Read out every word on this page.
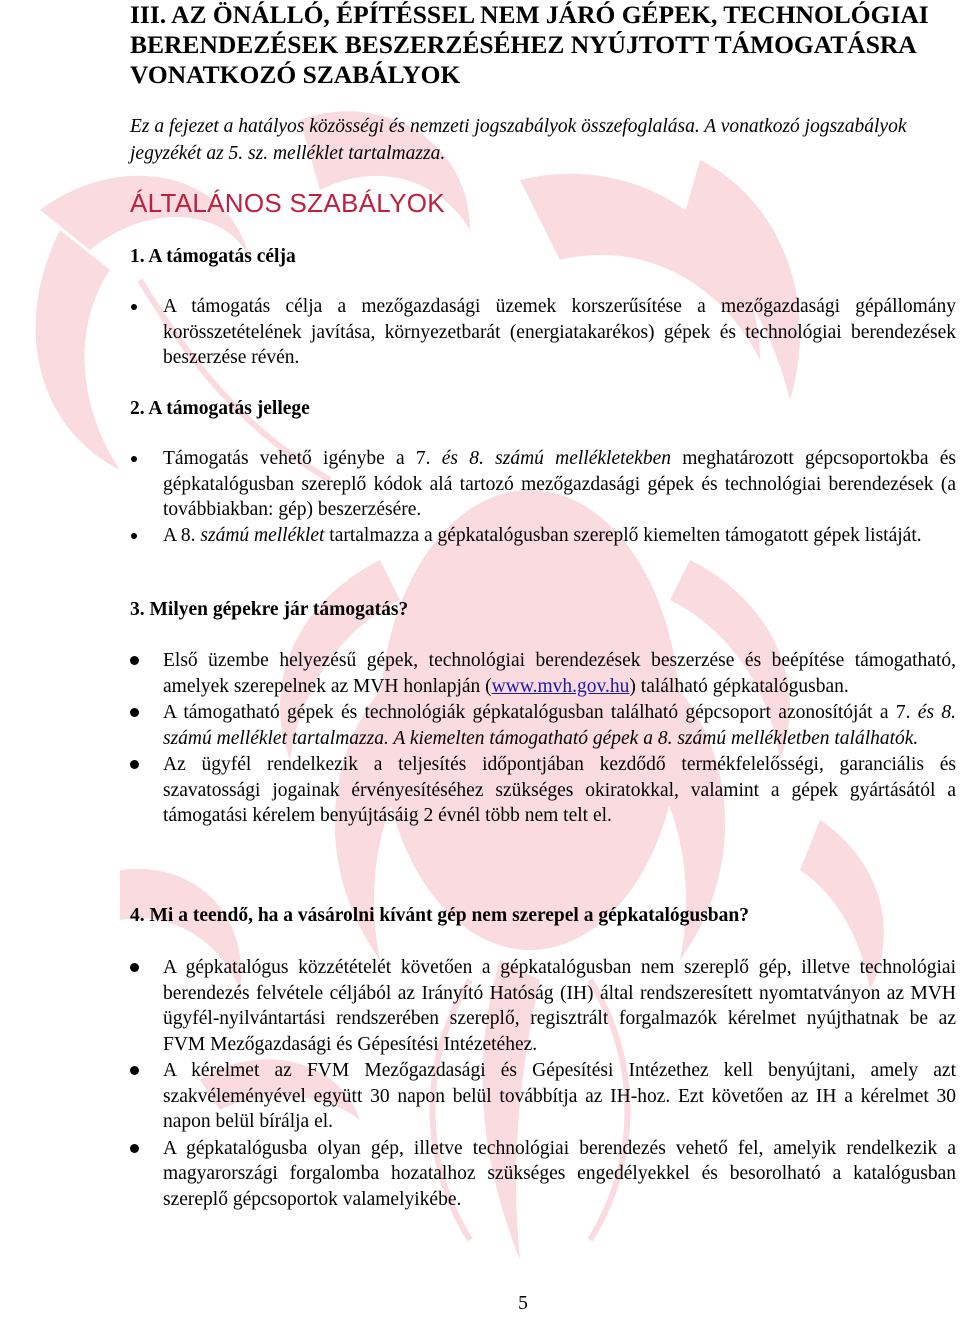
III. AZ ÖNÁLLÓ, ÉPÍTÉSSEL NEM JÁRÓ GÉPEK, TECHNOLÓGIAI BERENDEZÉSEK BESZERZÉSÉHEZ NYÚJTOTT TÁMOGATÁSRA VONATKOZÓ SZABÁLYOK

Ez a fejezet a hatályos közösségi és nemzeti jogszabályok összefoglalása. A vonatkozó jogszabályok jegyzékét az 5. sz. melléklet tartalmazza.

ÁLTALÁNOS SZABÁLYOK
1. A támogatás célja
A támogatás célja a mezőgazdasági üzemek korszerűsítése a mezőgazdasági gépállomány korösszetételének javítása, környezetbarát (energiatakarékos) gépek és technológiai berendezések beszerzése révén.
2. A támogatás jellege
Támogatás vehető igénybe a 7. és 8. számú mellékletekben meghatározott gépcsoportokba és gépkatalógusban szereplő kódok alá tartozó mezőgazdasági gépek és technológiai berendezések (a továbbiakban: gép) beszerzésére.
A 8. számú melléklet tartalmazza a gépkatalógusban szereplő kiemelten támogatott gépek listáját.
3. Milyen gépekre jár támogatás?
Első üzembe helyezésű gépek, technológiai berendezések beszerzése és beépítése támogatható, amelyek szerepelnek az MVH honlapján (www.mvh.gov.hu) található gépkatalógusban.
A támogatható gépek és technológiák gépkatalógusban található gépcsoport azonosítóját a 7. és 8. számú melléklet tartalmazza. A kiemelten támogatható gépek a 8. számú mellékletben találhatók.
Az ügyfél rendelkezik a teljesítés időpontjában kezdődő termékfelelősségi, garanciális és szavatossági jogainak érvényesítéséhez szükséges okiratokkal, valamint a gépek gyártásától a támogatási kérelem benyújtásáig 2 évnél több nem telt el.
4. Mi a teendő, ha a vásárolni kívánt gép nem szerepel a gépkatalógusban?
A gépkatalógus közzétételét követően a gépkatalógusban nem szereplő gép, illetve technológiai berendezés felvétele céljából az Irányító Hatóság (IH) által rendszeresített nyomtatványon az MVH ügyfél-nyilvántartási rendszerében szereplő, regisztrált forgalmazók kérelmet nyújthatnak be az FVM Mezőgazdasági és Gépesítési Intézetéhez.
A kérelmet az FVM Mezőgazdasági és Gépesítési Intézethez kell benyújtani, amely azt szakvéleményével együtt 30 napon belül továbbítja az IH-hoz. Ezt követően az IH a kérelmet 30 napon belül bírálja el.
A gépkatalógusba olyan gép, illetve technológiai berendezés vehető fel, amelyik rendelkezik a magyarországi forgalomba hozatalhoz szükséges engedélyekkel és besorolható a katalógusban szereplő gépcsoportok valamelyikébe.
5
